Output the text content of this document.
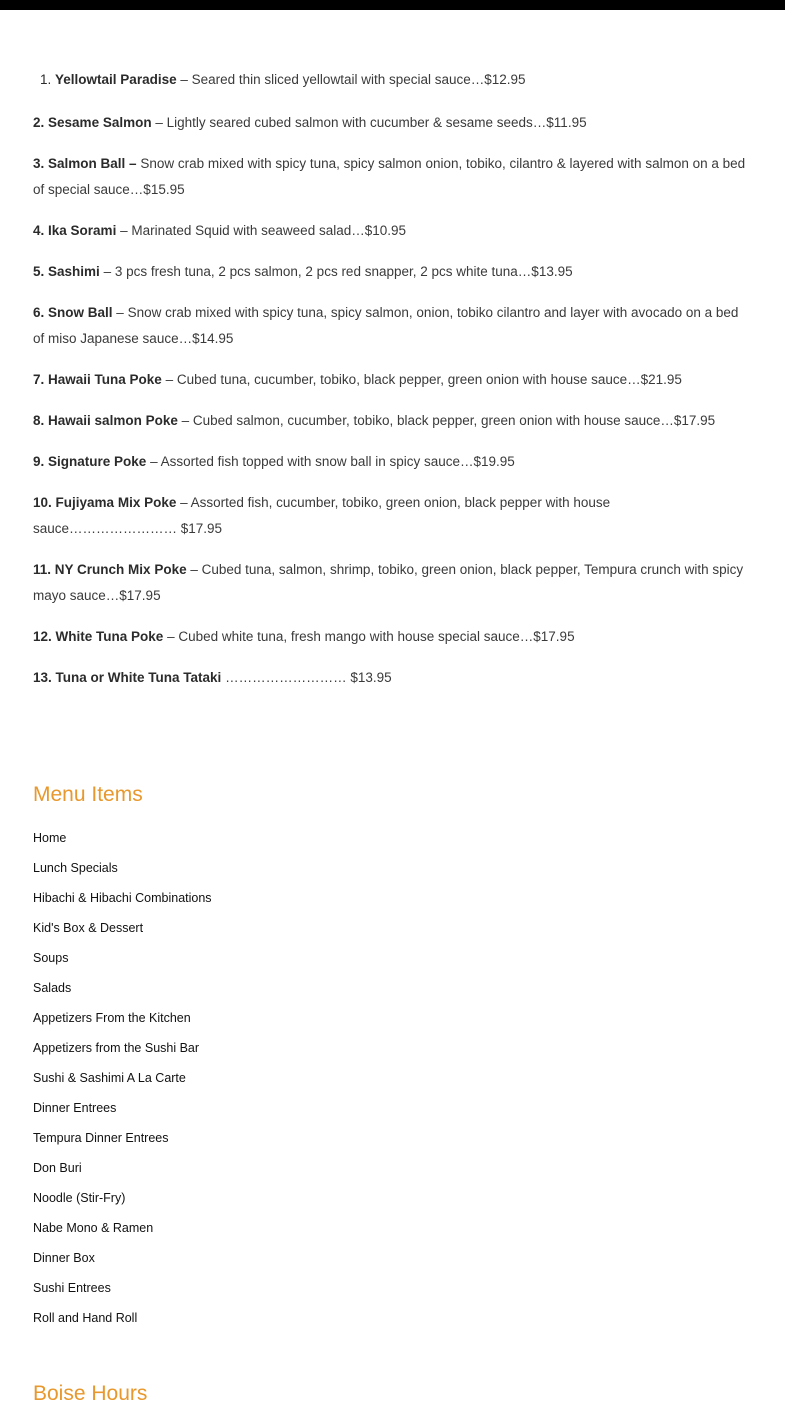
1. Yellowtail Paradise – Seared thin sliced yellowtail with special sauce…$12.95
2. Sesame Salmon – Lightly seared cubed salmon with cucumber & sesame seeds…$11.95
3. Salmon Ball – Snow crab mixed with spicy tuna, spicy salmon onion, tobiko, cilantro & layered with salmon on a bed of special sauce…$15.95
4. Ika Sorami – Marinated Squid with seaweed salad…$10.95
5. Sashimi – 3 pcs fresh tuna, 2 pcs salmon, 2 pcs red snapper, 2 pcs white tuna…$13.95
6. Snow Ball – Snow crab mixed with spicy tuna, spicy salmon, onion, tobiko cilantro and layer with avocado on a bed of miso Japanese sauce…$14.95
7. Hawaii Tuna Poke – Cubed tuna, cucumber, tobiko, black pepper, green onion with house sauce…$21.95
8. Hawaii salmon Poke – Cubed salmon, cucumber, tobiko, black pepper, green onion with house sauce…$17.95
9. Signature Poke – Assorted fish topped with snow ball in spicy sauce…$19.95
10. Fujiyama Mix Poke – Assorted fish, cucumber, tobiko, green onion, black pepper with house sauce…………………… $17.95
11. NY Crunch Mix Poke – Cubed tuna, salmon, shrimp, tobiko, green onion, black pepper, Tempura crunch with spicy mayo sauce…$17.95
12. White Tuna Poke – Cubed white tuna, fresh mango with house special sauce…$17.95
13. Tuna or White Tuna Tataki ……………………… $13.95
Menu Items
Home
Lunch Specials
Hibachi & Hibachi Combinations
Kid's Box & Dessert
Soups
Salads
Appetizers From the Kitchen
Appetizers from the Sushi Bar
Sushi & Sashimi A La Carte
Dinner Entrees
Tempura Dinner Entrees
Don Buri
Noodle (Stir-Fry)
Nabe Mono & Ramen
Dinner Box
Sushi Entrees
Roll and Hand Roll
Boise Hours
